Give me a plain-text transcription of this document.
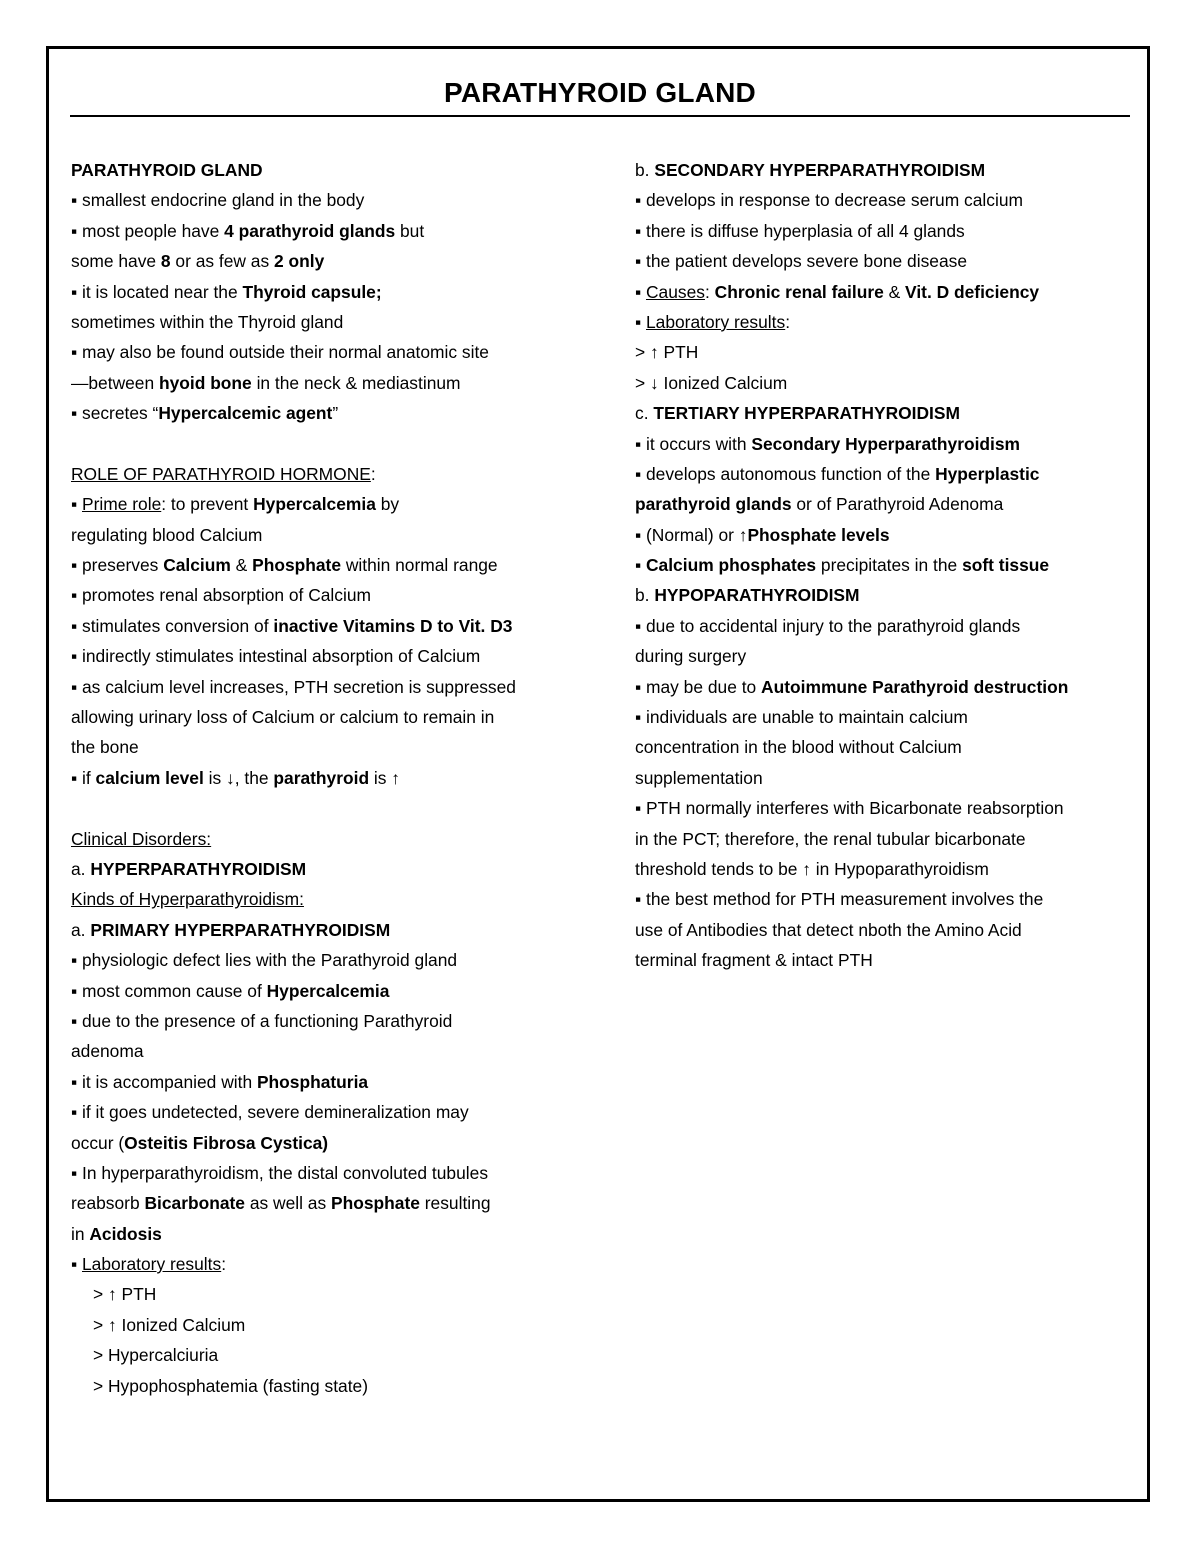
PARATHYROID GLAND
PARATHYROID GLAND
▪ smallest endocrine gland in the body
▪ most people have 4 parathyroid glands but
some have 8 or as few as 2 only
▪ it is located near the Thyroid capsule;
sometimes within the Thyroid gland
▪ may also be found outside their normal anatomic site
—between hyoid bone in the neck & mediastinum
▪ secretes “Hypercalcemic agent”
ROLE OF PARATHYROID HORMONE:
▪ Prime role: to prevent Hypercalcemia by
regulating blood Calcium
▪ preserves Calcium & Phosphate within normal range
▪ promotes renal absorption of Calcium
▪ stimulates conversion of inactive Vitamins D to Vit. D3
▪ indirectly stimulates intestinal absorption of Calcium
▪ as calcium level increases, PTH secretion is suppressed
allowing urinary loss of Calcium or calcium to remain in
the bone
▪ if calcium level is ↓, the parathyroid is ↑
Clinical Disorders:
a. HYPERPARATHYROIDISM
Kinds of Hyperparathyroidism:
a. PRIMARY HYPERPARATHYROIDISM
▪ physiologic defect lies with the Parathyroid gland
▪ most common cause of Hypercalcemia
▪ due to the presence of a functioning Parathyroid
adenoma
▪ it is accompanied with Phosphaturia
▪ if it goes undetected, severe demineralization may
occur (Osteitis Fibrosa Cystica)
▪ In hyperparathyroidism, the distal convoluted tubules
reabsorb Bicarbonate as well as Phosphate resulting
in Acidosis
▪ Laboratory results:
> ↑ PTH
> ↑ Ionized Calcium
> Hypercalciuria
> Hypophosphatemia (fasting state)
b. SECONDARY HYPERPARATHYROIDISM
▪ develops in response to decrease serum calcium
▪ there is diffuse hyperplasia of all 4 glands
▪ the patient develops severe bone disease
▪ Causes: Chronic renal failure & Vit. D deficiency
▪ Laboratory results:
> ↑ PTH
> ↓ Ionized Calcium
c. TERTIARY HYPERPARATHYROIDISM
▪ it occurs with Secondary Hyperparathyroidism
▪ develops autonomous function of the Hyperplastic
parathyroid glands or of Parathyroid Adenoma
▪ (Normal) or ↑Phosphate levels
▪ Calcium phosphates precipitates in the soft tissue
b. HYPOPARATHYROIDISM
▪ due to accidental injury to the parathyroid glands
during surgery
▪ may be due to Autoimmune Parathyroid destruction
▪ individuals are unable to maintain calcium
concentration in the blood without Calcium
supplementation
▪ PTH normally interferes with Bicarbonate reabsorption
in the PCT; therefore, the renal tubular bicarbonate
threshold tends to be ↑ in Hypoparathyroidism
▪ the best method for PTH measurement involves the
use of Antibodies that detect nboth the Amino Acid
terminal fragment & intact PTH
